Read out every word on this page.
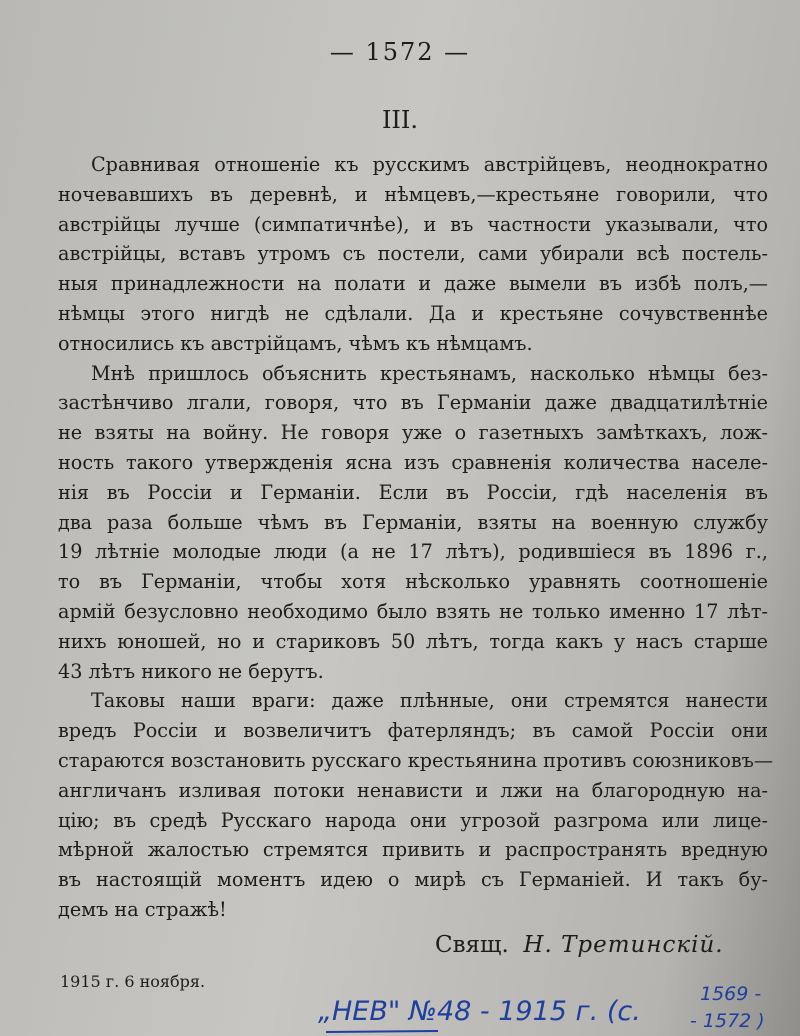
— 1572 —
III.
Сравнивая отношеніе къ русскимъ австрійцевъ, неоднократно
ночевавшихъ въ деревнѣ, и нѣмцевъ,—крестьяне говорили, что
австрійцы лучше (симпатичнѣе), и въ частности указывали, что
австрійцы, вставъ утромъ съ постели, сами убирали всѣ постель-
ныя принадлежности на полати и даже вымели въ избѣ полъ,—
нѣмцы этого нигдѣ не сдѣлали. Да и крестьяне сочувственнѣе
относились къ австрійцамъ, чѣмъ къ нѣмцамъ.
Мнѣ пришлось объяснить крестьянамъ, насколько нѣмцы без-
застѣнчиво лгали, говоря, что въ Германіи даже двадцатилѣтніе
не взяты на войну. Не говоря уже о газетныхъ замѣткахъ, лож-
ность такого утвержденія ясна изъ сравненія количества населе-
нія въ Россіи и Германіи. Если въ Россіи, гдѣ населенія въ
два раза больше чѣмъ въ Германіи, взяты на военную службу
19 лѣтніе молодые люди (а не 17 лѣтъ), родившіеся въ 1896 г.,
то въ Германіи, чтобы хотя нѣсколько уравнять соотношеніе
армій безусловно необходимо было взять не только именно 17 лѣт-
нихъ юношей, но и стариковъ 50 лѣтъ, тогда какъ у насъ старше
43 лѣтъ никого не берутъ.
Таковы наши враги: даже плѣнные, они стремятся нанести
вредъ Россіи и возвеличитъ фатерляндъ; въ самой Россіи они
стараются возстановить русскаго крестьянина противъ союзниковъ—
англичанъ изливая потоки ненависти и лжи на благородную на-
цію; въ средѣ Русскаго народа они угрозой разгрома или лице-
мѣрной жалостью стремятся привить и распространять вредную
въ настоящій моментъ идею о мирѣ съ Германіей. И такъ бу-
демъ на стражѣ!
Свящ. Н. Третинскій.
1915 г. 6 ноября.
„НЕВ" №48 - 1915 г. (с.
1569 -
- 1572 )
